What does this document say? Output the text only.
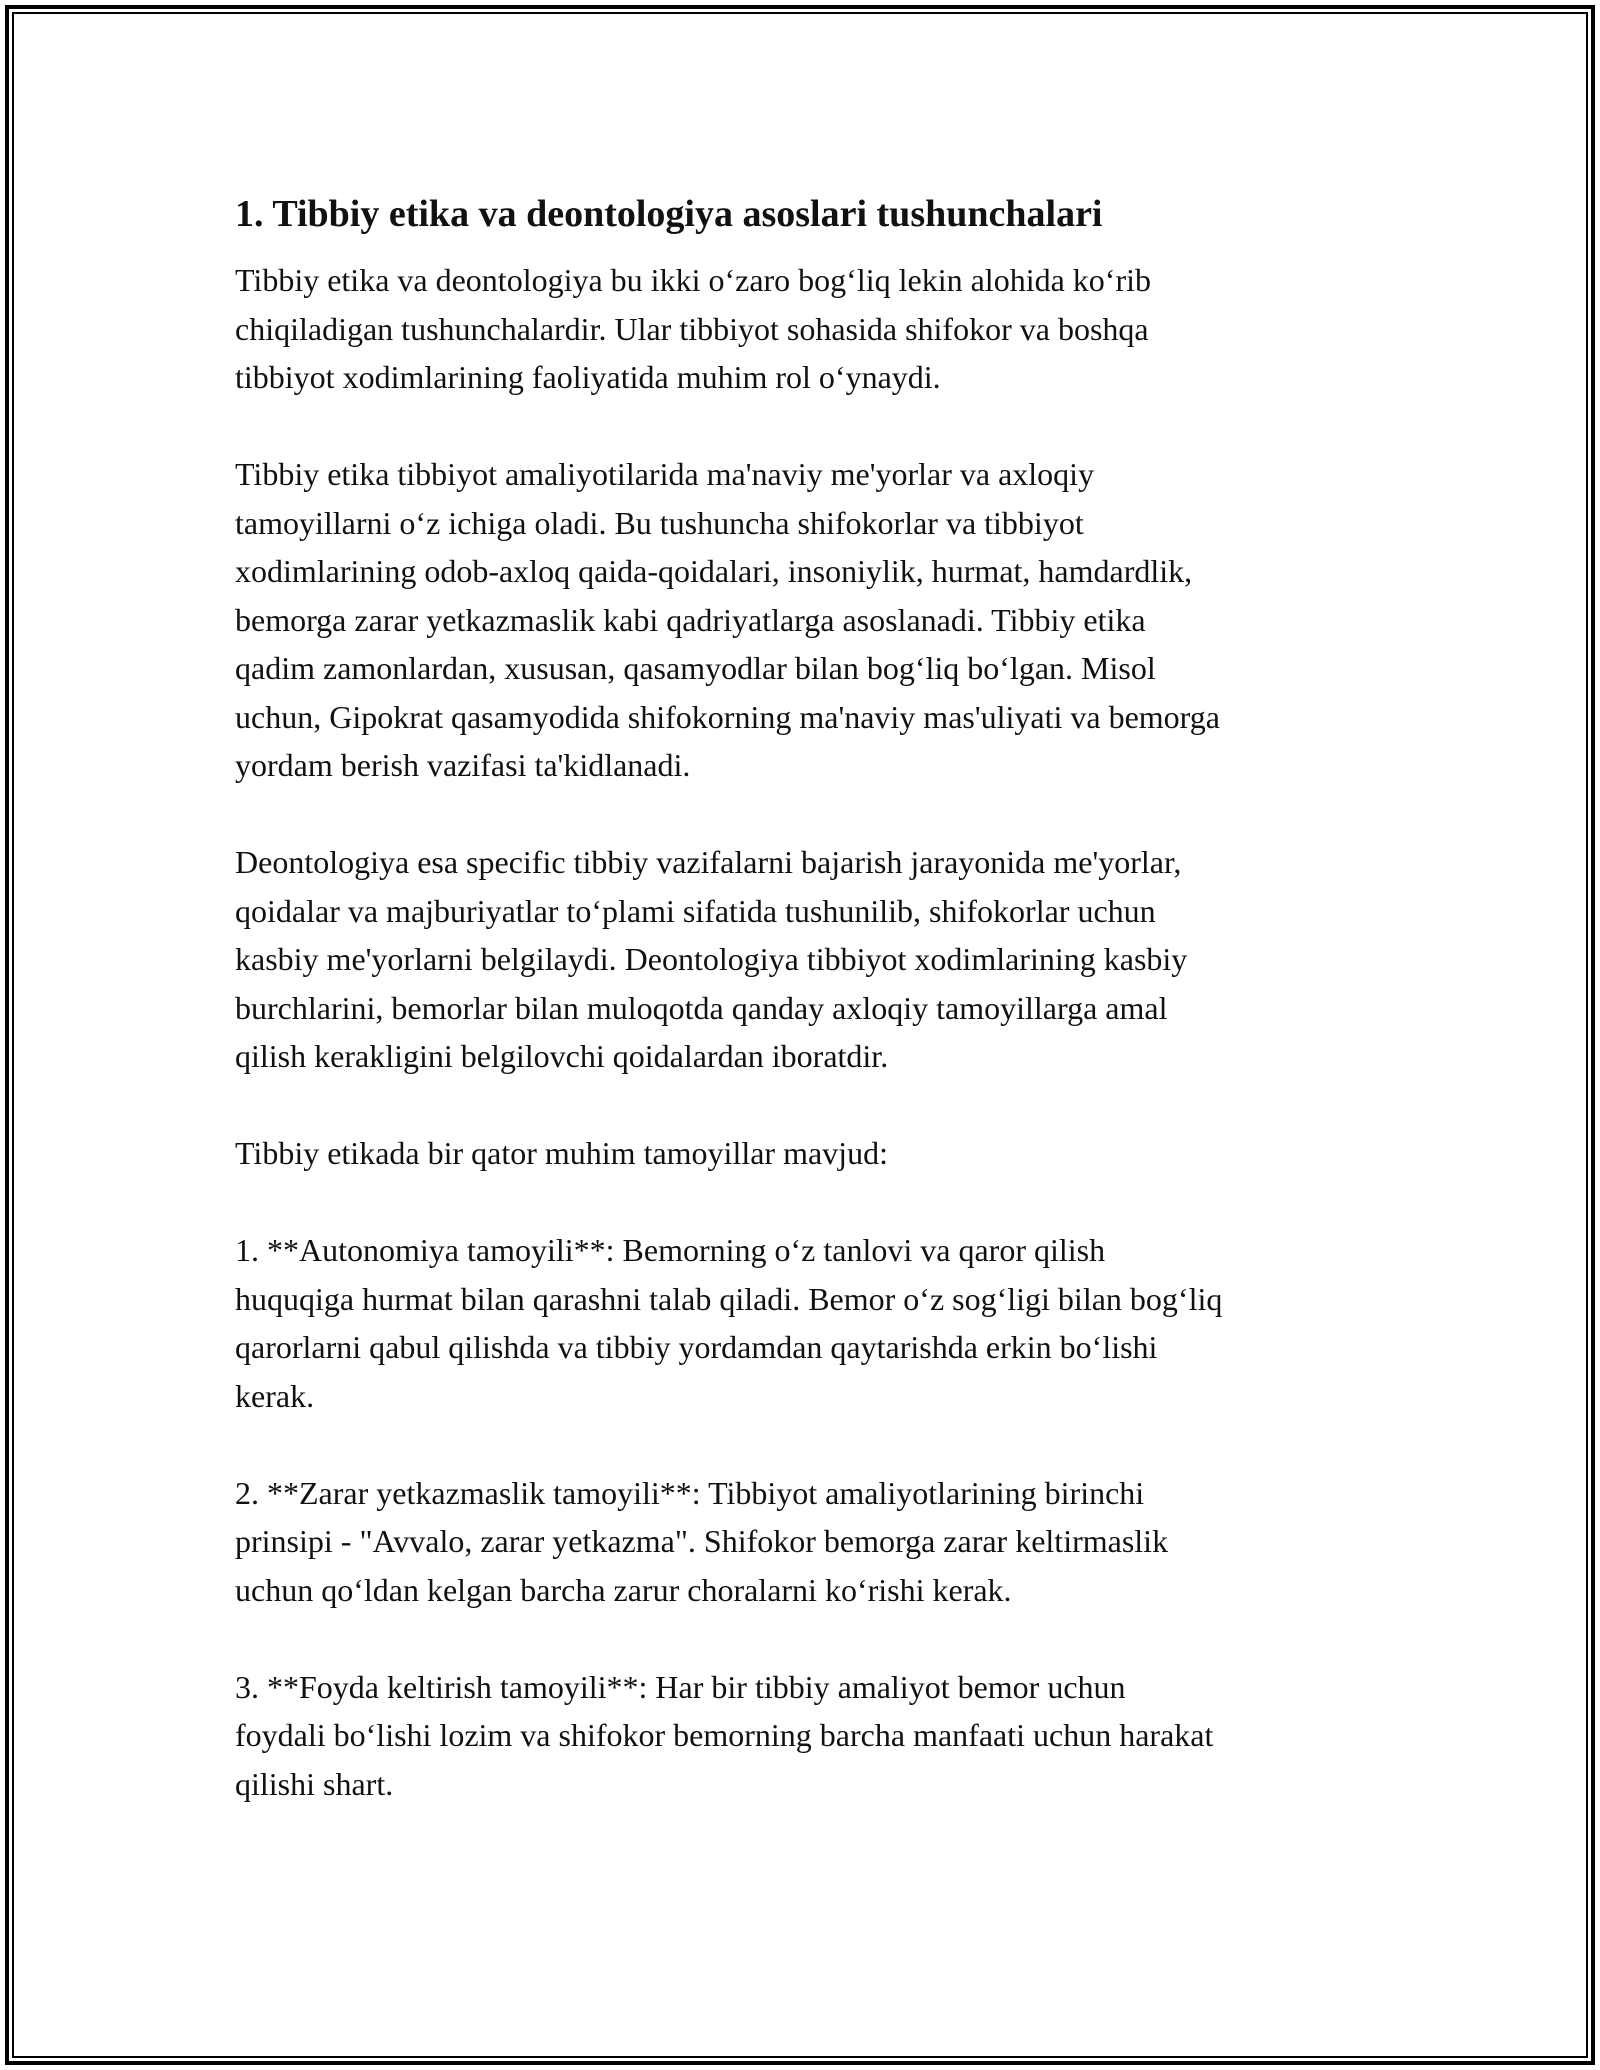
1. Tibbiy etika va deontologiya asoslari tushunchalari

Tibbiy etika va deontologiya bu ikki o‘zaro bog‘liq lekin alohida ko‘rib
chiqiladigan tushunchalardir. Ular tibbiyot sohasida shifokor va boshqa
tibbiyot xodimlarining faoliyatida muhim rol o‘ynaydi.

Tibbiy etika tibbiyot amaliyotilarida ma'naviy me'yorlar va axloqiy
tamoyillarni o‘z ichiga oladi. Bu tushuncha shifokorlar va tibbiyot
xodimlarining odob-axloq qaida-qoidalari, insoniylik, hurmat, hamdardlik,
bemorga zarar yetkazmaslik kabi qadriyatlarga asoslanadi. Tibbiy etika
qadim zamonlardan, xususan, qasamyodlar bilan bog‘liq bo‘lgan. Misol
uchun, Gipokrat qasamyodida shifokorning ma'naviy mas'uliyati va bemorga
yordam berish vazifasi ta'kidlanadi.

Deontologiya esa specific tibbiy vazifalarni bajarish jarayonida me'yorlar,
qoidalar va majburiyatlar to‘plami sifatida tushunilib, shifokorlar uchun
kasbiy me'yorlarni belgilaydi. Deontologiya tibbiyot xodimlarining kasbiy
burchlarini, bemorlar bilan muloqotda qanday axloqiy tamoyillarga amal
qilish kerakligini belgilovchi qoidalardan iboratdir.

Tibbiy etikada bir qator muhim tamoyillar mavjud:

1. **Autonomiya tamoyili**: Bemorning o‘z tanlovi va qaror qilish
huquqiga hurmat bilan qarashni talab qiladi. Bemor o‘z sog‘ligi bilan bog‘liq
qarorlarni qabul qilishda va tibbiy yordamdan qaytarishda erkin bo‘lishi
kerak.

2. **Zarar yetkazmaslik tamoyili**: Tibbiyot amaliyotlarining birinchi
prinsipi - "Avvalo, zarar yetkazma". Shifokor bemorga zarar keltirmaslik
uchun qo‘ldan kelgan barcha zarur choralarni ko‘rishi kerak.

3. **Foyda keltirish tamoyili**: Har bir tibbiy amaliyot bemor uchun
foydali bo‘lishi lozim va shifokor bemorning barcha manfaati uchun harakat
qilishi shart.
